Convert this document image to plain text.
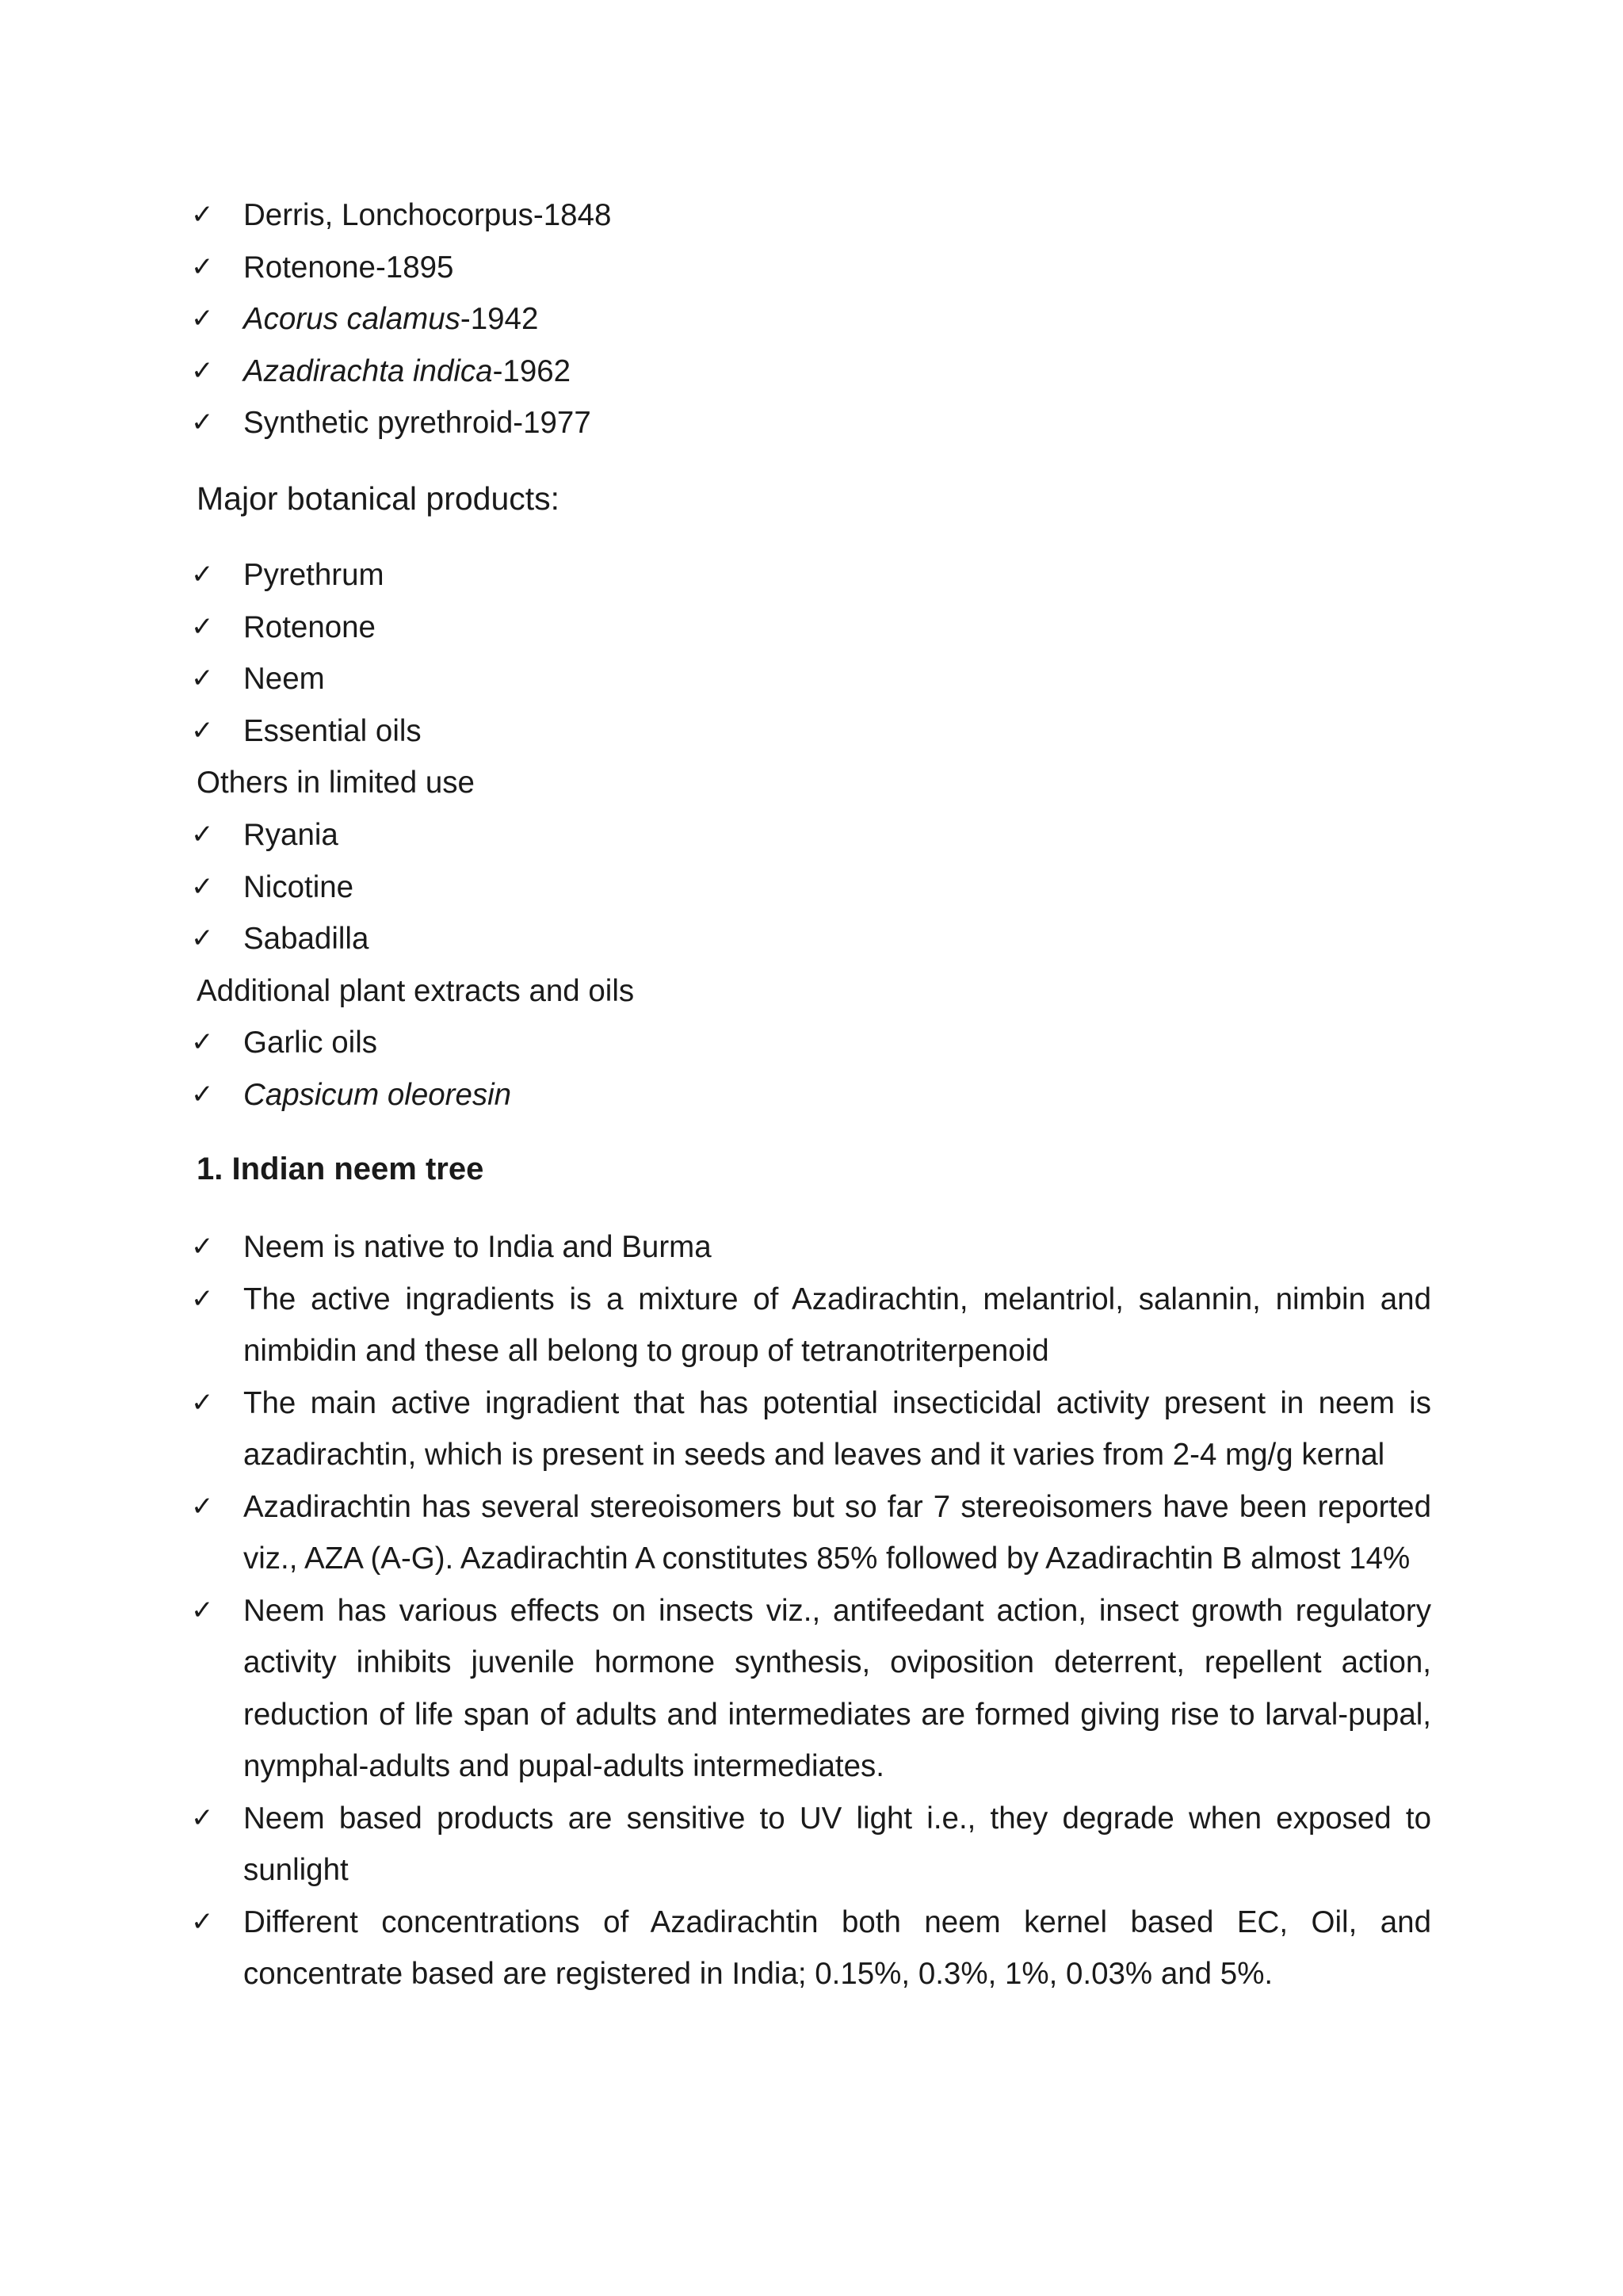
✓ Derris, Lonchocorpus-1848
✓ Rotenone-1895
✓ Acorus calamus-1942
✓ Azadirachta indica-1962
✓ Synthetic pyrethroid-1977
Major botanical products:
✓ Pyrethrum
✓ Rotenone
✓ Neem
✓ Essential oils
Others in limited use
✓ Ryania
✓ Nicotine
✓ Sabadilla
Additional plant extracts and oils
✓ Garlic oils
✓ Capsicum oleoresin
1. Indian neem tree
✓ Neem is native to India and Burma
✓ The active ingradients is a mixture of Azadirachtin, melantriol, salannin, nimbin and nimbidin and these all belong to group of tetranotriterpenoid
✓ The main active ingradient that has potential insecticidal activity present in neem is azadirachtin, which is present in seeds and leaves and it varies from 2-4 mg/g kernal
✓ Azadirachtin has several stereoisomers but so far 7 stereoisomers have been reported viz., AZA (A-G). Azadirachtin A constitutes 85% followed by Azadirachtin B almost 14%
✓ Neem has various effects on insects viz., antifeedant action, insect growth regulatory activity inhibits juvenile hormone synthesis, oviposition deterrent, repellent action, reduction of life span of adults and intermediates are formed giving rise to larval-pupal, nymphal-adults and pupal-adults intermediates.
✓ Neem based products are sensitive to UV light i.e., they degrade when exposed to sunlight
✓ Different concentrations of Azadirachtin both neem kernel based EC, Oil, and concentrate based are registered in India; 0.15%, 0.3%, 1%, 0.03% and 5%.
